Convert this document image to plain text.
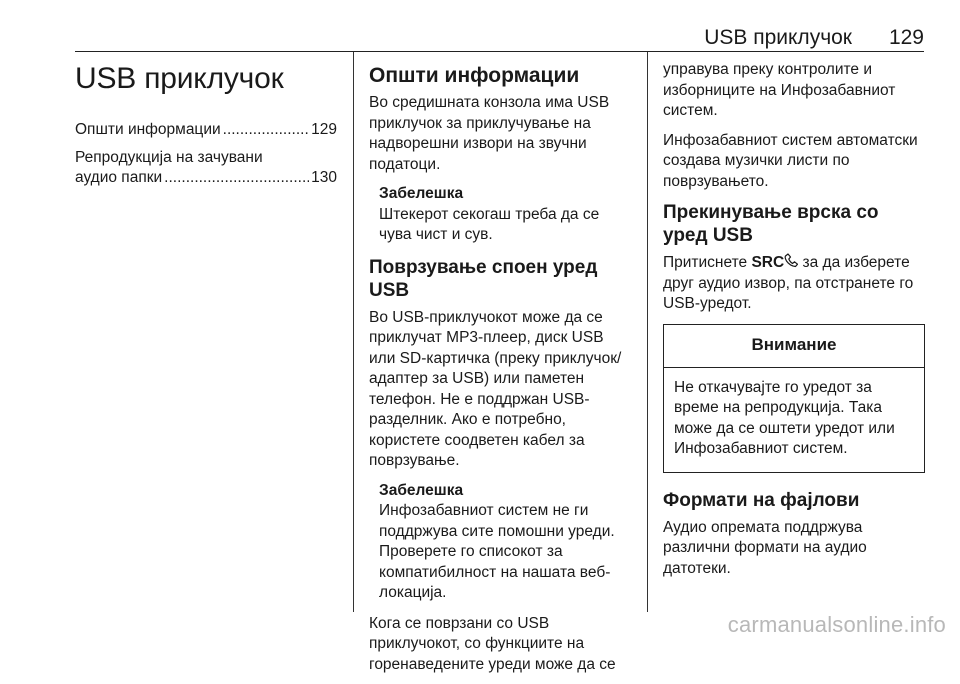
USB приклучок 129
USB приклучок
Општи информации .....	129
Репродукција на зачувани
аудио папки .....	130
Општи информации

Во средишната конзола има USB приклучок за приклучување на надворешни извори на звучни податоци.

Забелешка
Штекерот секогаш треба да се чува чист и сув.
Поврзување споен уред USB

Во USB-приклучокот може да се приклучат MP3-плеер, диск USB или SD-картичка (преку приклучок/адаптер за USB) или паметен телефон. Не е поддржан USB-разделник. Ако е потребно, користете соодветен кабел за поврзување.

Забелешка
Инфозабавниот систем не ги поддржува сите помошни уреди. Проверете го списокот за компатибилност на нашата веб-локација.

Кога се поврзани со USB приклучокот, со функциите на горенаведените уреди може да се

управува преку контролите и изборниците на Инфозабавниот систем.

Инфозабавниот систем автоматски создава музички листи по поврзувањето.

Прекинување врска со уред USB

Притиснете SRC за да изберете друг аудио извор, па отстранете го USB-уредот.

Внимание
Не откачувајте го уредот за време на репродукција. Така може да се оштети уредот или Инфозабавниот систем.
Формати на фајлови

Аудио опремата поддржува различни формати на аудио датотеки.

carmanualsonline.info
